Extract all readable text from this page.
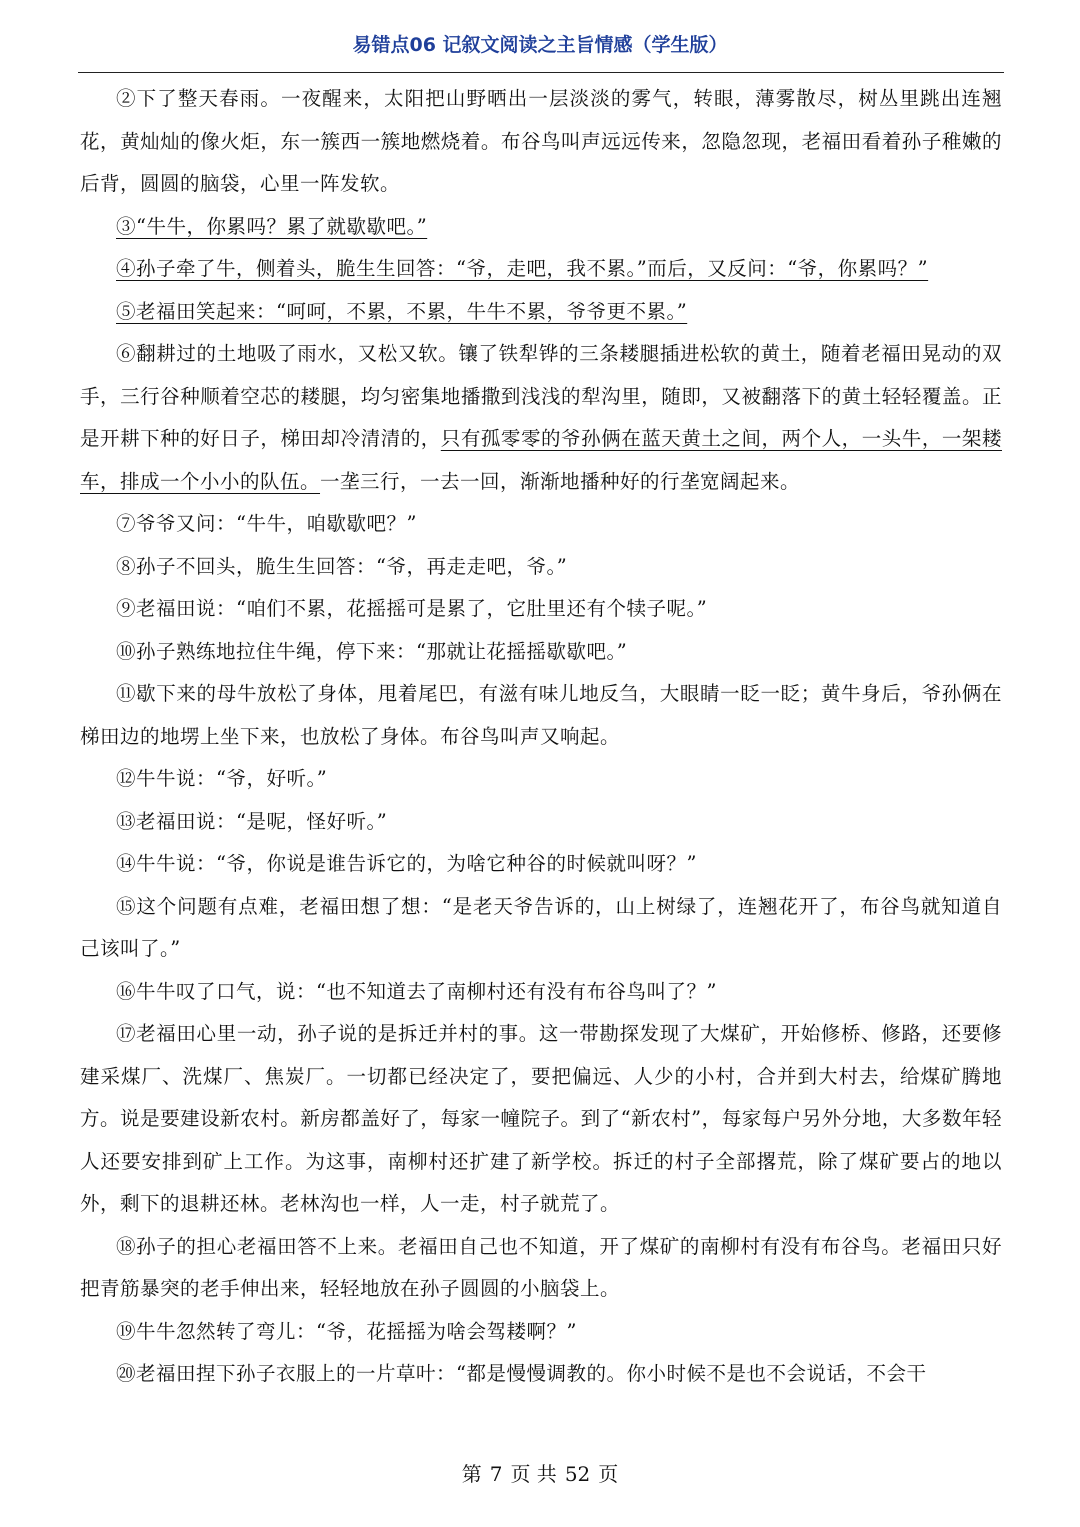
易错点06 记叙文阅读之主旨情感（学生版）

②下了整天春雨。一夜醒来，太阳把山野晒出一层淡淡的雾气，转眼，薄雾散尽，树丛里跳出连翘花，黄灿灿的像火炬，东一簇西一簇地燃烧着。布谷鸟叫声远远传来，忽隐忽现，老福田看着孙子稚嫩的后背，圆圆的脑袋，心里一阵发软。

③“牛牛，你累吗？累了就歇歇吧。”

④孙子牵了牛，侧着头，脆生生回答：“爷，走吧，我不累。”而后，又反问：“爷，你累吗？”

⑤老福田笑起来：“呵呵，不累，不累，牛牛不累，爷爷更不累。”

⑥翻耕过的土地吸了雨水，又松又软。镶了铁犁铧的三条耧腿插进松软的黄土，随着老福田晃动的双手，三行谷种顺着空芯的耧腿，均匀密集地播撒到浅浅的犁沟里，随即，又被翻落下的黄土轻轻覆盖。正是开耕下种的好日子，梯田却冷清清的，只有孤零零的爷孙俩在蓝天黄土之间，两个人，一头牛，一架耧车，排成一个小小的队伍。一垄三行，一去一回，渐渐地播种好的行垄宽阔起来。

⑦爷爷又问：“牛牛，咱歇歇吧？”

⑧孙子不回头，脆生生回答：“爷，再走走吧，爷。”

⑨老福田说：“咱们不累，花摇摇可是累了，它肚里还有个犊子呢。”

⑩孙子熟练地拉住牛绳，停下来：“那就让花摇摇歇歇吧。”

⑪歇下来的母牛放松了身体，甩着尾巴，有滋有味儿地反刍，大眼睛一眨一眨；黄牛身后，爷孙俩在梯田边的地塄上坐下来，也放松了身体。布谷鸟叫声又响起。

⑫牛牛说：“爷，好听。”

⑬老福田说：“是呢，怪好听。”

⑭牛牛说：“爷，你说是谁告诉它的，为啥它种谷的时候就叫呀？”

⑮这个问题有点难，老福田想了想：“是老天爷告诉的，山上树绿了，连翘花开了，布谷鸟就知道自己该叫了。”

⑯牛牛叹了口气，说：“也不知道去了南柳村还有没有布谷鸟叫了？”

⑰老福田心里一动，孙子说的是拆迁并村的事。这一带勘探发现了大煤矿，开始修桥、修路，还要修建采煤厂、洗煤厂、焦炭厂。一切都已经决定了，要把偏远、人少的小村，合并到大村去，给煤矿腾地方。说是要建设新农村。新房都盖好了，每家一幢院子。到了“新农村”，每家每户另外分地，大多数年轻人还要安排到矿上工作。为这事，南柳村还扩建了新学校。拆迁的村子全部撂荒，除了煤矿要占的地以外，剩下的退耕还林。老林沟也一样，人一走，村子就荒了。

⑱孙子的担心老福田答不上来。老福田自己也不知道，开了煤矿的南柳村有没有布谷鸟。老福田只好把青筋暴突的老手伸出来，轻轻地放在孙子圆圆的小脑袋上。

⑲牛牛忽然转了弯儿：“爷，花摇摇为啥会驾耧啊？”

⑳老福田捏下孙子衣服上的一片草叶：“都是慢慢调教的。你小时候不是也不会说话，不会干

第 7 页 共 52 页
